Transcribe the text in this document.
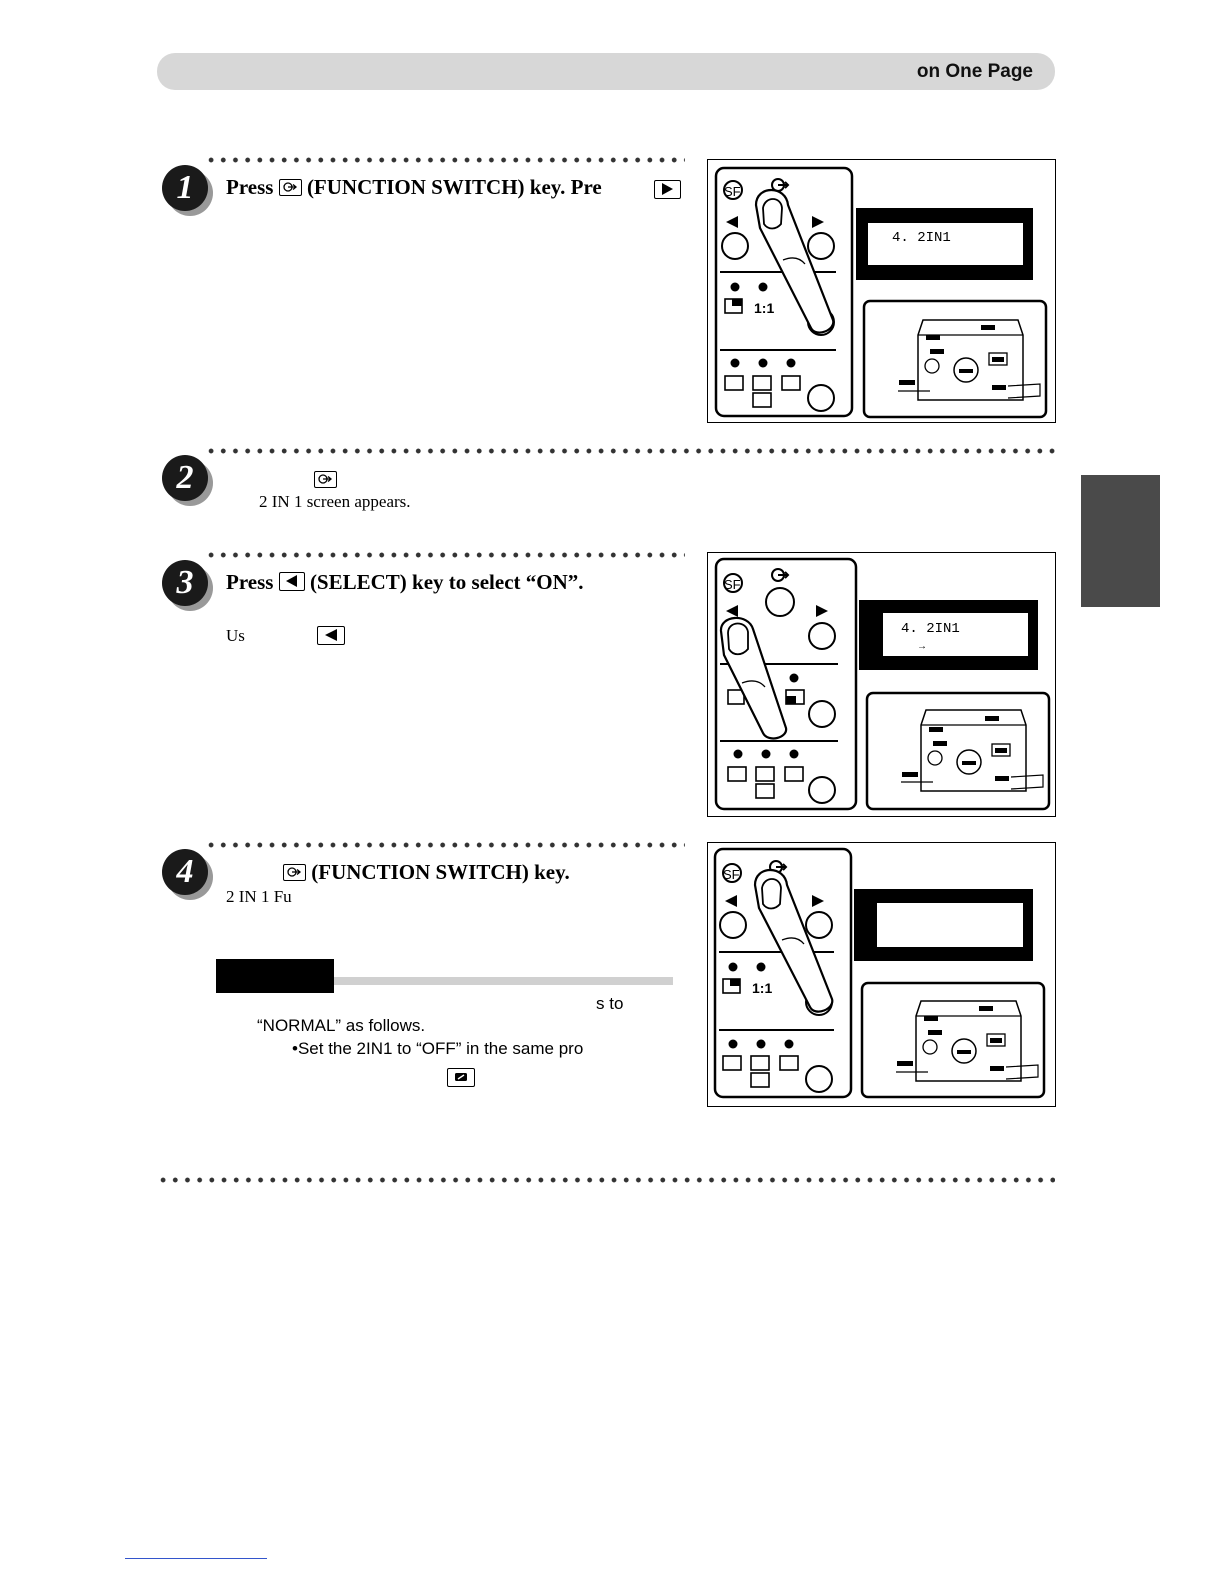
on One Page
1	Press (FUNCTION SWITCH) key. Pre
	SF
1:1
4. 2IN1
2

2 IN 1 screen appears.
3	Press (SELECT) key to select “ON”.
Us

SF
4. 2IN1
→
4	(FUNCTION SWITCH) key.
2 IN 1 Fu
s to
“NORMAL” as follows.
•Set the 2IN1 to “OFF” in the same pro
SF
1:1
